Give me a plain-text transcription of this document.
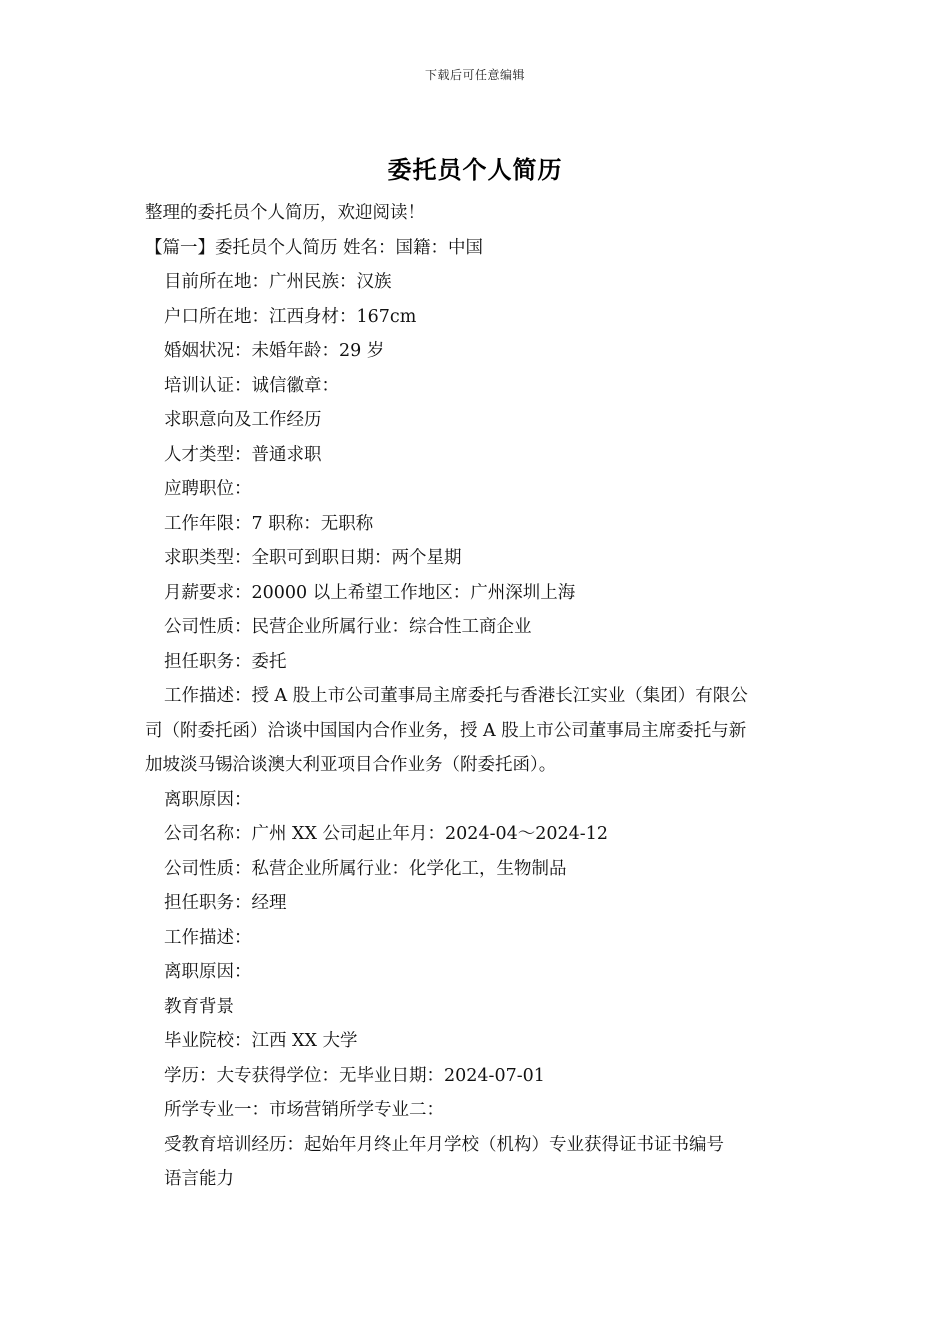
下载后可任意编辑
委托员个人简历
整理的委托员个人简历，欢迎阅读！
【篇一】委托员个人简历 姓名：国籍：中国
目前所在地：广州民族：汉族
户口所在地：江西身材：167cm
婚姻状况：未婚年龄：29 岁
培训认证：诚信徽章：
求职意向及工作经历
人才类型：普通求职
应聘职位：
工作年限：7 职称：无职称
求职类型：全职可到职日期：两个星期
月薪要求：20000 以上希望工作地区：广州深圳上海
公司性质：民营企业所属行业：综合性工商企业
担任职务：委托
工作描述：授 A 股上市公司董事局主席委托与香港长江实业（集团）有限公
司（附委托函）洽谈中国国内合作业务，授 A 股上市公司董事局主席委托与新
加坡淡马锡洽谈澳大利亚项目合作业务（附委托函）。
离职原因：
公司名称：广州 XX 公司起止年月：2024-04～2024-12
公司性质：私营企业所属行业：化学化工，生物制品
担任职务：经理
工作描述：
离职原因：
教育背景
毕业院校：江西 XX 大学
学历：大专获得学位：无毕业日期：2024-07-01
所学专业一：市场营销所学专业二：
受教育培训经历：起始年月终止年月学校（机构）专业获得证书证书编号
语言能力
